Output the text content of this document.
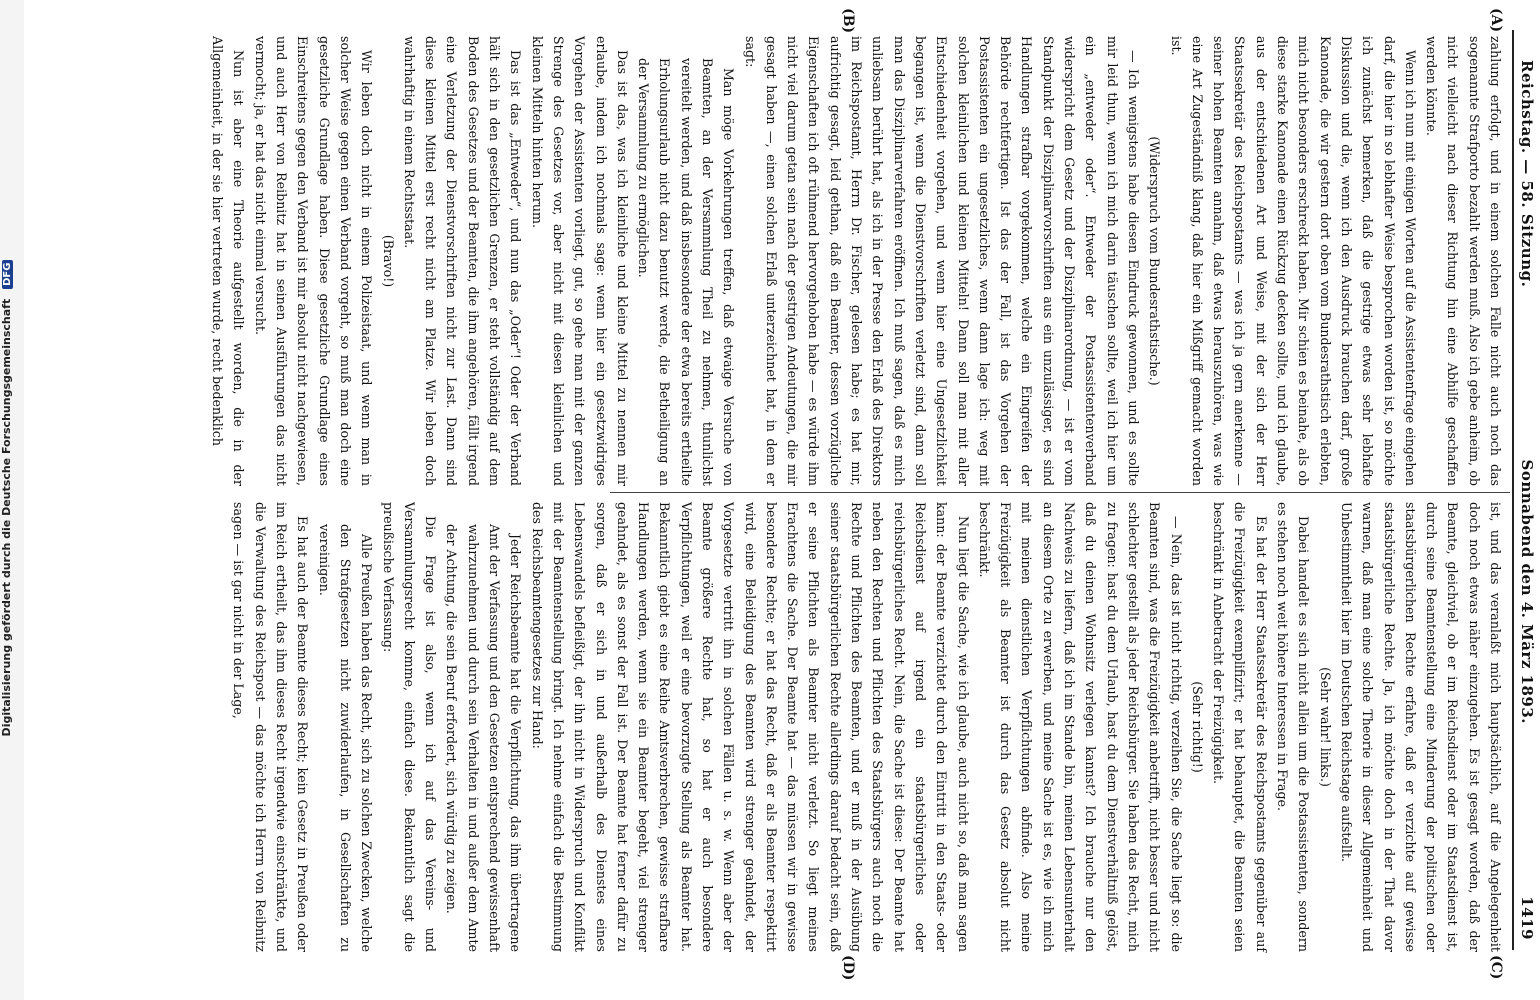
Digitalisierung gefördert durch die Deutsche Forschungsgemeinschaft DFG	Reichstag. — 58. Sitzung.
Sonnabend den 4. März 1893.
1419
(A)
(B)
(C)
(D)

zahlung erfolgt, und in einem solchen Falle nicht auch noch das sogenannte Strafporto bezahlt werden muß. Also ich gebe anheim, ob nicht vielleicht nach dieser Richtung hin eine Abhilfe geschaffen werden könnte.

Wenn ich nun mit einigen Worten auf die Assistentenfrage eingehen darf, die hier in so lebhafter Weise besprochen worden ist, so möchte ich zunächst bemerken, daß die gestrige etwas sehr lebhafte Diskussion und die, wenn ich den Ausdruck brauchen darf, große Kanonade, die wir gestern dort oben vom Bundesrathstisch erlebten, mich nicht besonders erschreckt haben. Mir schien es beinahe, als ob diese starke Kanonade einen Rückzug decken sollte, und ich glaube, aus der entschiedenen Art und Weise, mit der sich der Herr Staatssekretär des Reichspostamts — was ich ja gern anerkenne — seiner hohen Beamten annahm, daß etwas herauszuhören, was wie eine Art Zugeständniß klang, daß hier ein Mißgriff gemacht worden ist.

(Widerspruch vom Bundesrathstische.)

— Ich wenigstens habe diesen Eindruck gewonnen, und es sollte mir leid thun, wenn ich mich darin täuschen sollte, weil ich hier um ein „entweder oder“. Entweder der Postassistentenverband widerspricht dem Gesetz und der Disziplinarordnung, — ist er vom Standpunkt der Disziplinarvorschriften aus ein unzulässiger, es sind Handlungen strafbar vorgekommen, welche ein Eingreifen der Behörde rechtfertigen. Ist das der Fall, ist das Vorgehen der Postassistenten ein ungesetzliches, wenn dann lage ich: weg mit solchen kleinlichen und kleinen Mitteln! Dann soll man mit aller Entschiedenheit vorgehen, und wenn hier eine Ungesetzlichkeit begangen ist, wenn die Dienstvorschriften verletzt sind, dann soll man das Disziplinarverfahren eröffnen. Ich muß sagen, daß es mich unliebsam berührt hat, als ich in der Presse den Erlaß des Direktors im Reichspostamt, Herrn Dr. Fischer, gelesen habe; es hat mir, aufrichtig gesagt, leid gethan, daß ein Beamter, dessen vorzügliche Eigenschaften ich oft rühmend hervorgehoben habe — es würde ihm nicht viel darum getan sein nach der gestrigen Andeutungen, die mir gesagt haben —, einen solchen Erlaß unterzeichnet hat, in dem er sagt:

Man möge Vorkehrungen treffen, daß etwaige Versuche von Beamten, an der Versammlung Theil zu nehmen, thunlichst vereitelt werden, und daß insbesondere der etwa bereits ertheilte Erholungsurlaub nicht dazu benutzt werde, die Betheiligung an der Versammlung zu ermöglichen.

Das ist das, was ich kleinliche und kleine Mittel zu nennen mir erlaube, indem ich nochmals sage: wenn hier ein gesetzwidriges Vorgehen der Assistenten vorliegt, gut, so gehe man mit der ganzen Strenge des Gesetzes vor, aber nicht mit diesen kleinlichen und kleinen Mitteln hinten herum.

Das ist das „Entweder“, und nun das „Oder“! Oder der Verband hält sich in den gesetzlichen Grenzen, er steht vollständig auf dem Boden des Gesetzes und der Beamten, die ihm angehören, fällt irgend eine Verletzung der Dienstvorschriften nicht zur Last. Dann sind diese kleinen Mittel erst recht nicht am Platze. Wir leben doch wahrhaftig in einem Rechtsstaat.

(Bravo!)

Wir leben doch nicht in einem Polizeistaat, und wenn man in solcher Weise gegen einen Verband vorgeht, so muß man doch eine gesetzliche Grundlage haben. Diese gesetzliche Grundlage eines Einschreitens gegen den Verband ist mir absolut nicht nachgewiesen, und auch Herr von Reibnitz hat in seinen Ausführungen das nicht vermocht; ja, er hat das nicht einmal versucht.

Nun ist aber eine Theorie aufgestellt worden, die in der Allgemeinheit, in der sie hier vertreten wurde, recht bedenklich

ist, und das veranlaßt mich hauptsächlich, auf die Angelegenheit doch noch etwas näher einzugehen. Es ist gesagt worden, daß der Beamte, gleichviel, ob er im Reichsdienst oder im Staatsdienst ist, durch seine Beamtenstellung eine Minderung der politischen oder staatsbürgerlichen Rechte erfahre, daß er verzichte auf gewisse staatsbürgerliche Rechte. Ja, ich möchte doch in der That davor warnen, daß man eine solche Theorie in dieser Allgemeinheit und Unbestimmtheit hier im Deutschen Reichstage aufstellt.

(Sehr wahr! links.)

Dabei handelt es sich nicht allein um die Postassistenten, sondern es stehen noch weit höhere Interessen in Frage.

Es hat der Herr Staatssekretär des Reichspostamts gegenüber auf die Freizügigkeit exemplifizirt; er hat behauptet, die Beamten seien beschränkt in Anbetracht der Freizügigkeit.

(Sehr richtig!)

— Nein, das ist nicht richtig, verzeihen Sie, die Sache liegt so: die Beamten sind, was die Freizügigkeit anbetrifft, nicht besser und nicht schlechter gestellt als jeder Reichsbürger. Sie haben das Recht, mich zu fragen: hast du dem Urlaub, hast du dem Dienstverhältniß gelöst, daß du deinen Wohnsitz verlegen kannst? Ich brauche nur den Nachweis zu liefern, daß ich im Stande bin, meinen Lebensunterhalt an diesem Orte zu erwerben, und meine Sache ist es, wie ich mich mit meinen dienstlichen Verpflichtungen abfinde. Also meine Freizügigkeit als Beamter ist durch das Gesetz absolut nicht beschränkt.

Nun liegt die Sache, wie ich glaube, auch nicht so, daß man sagen kann: der Beamte verzichtet durch den Eintritt in den Staats- oder Reichsdienst auf irgend ein staatsbürgerliches oder reichsbürgerliches Recht. Nein, die Sache ist diese: Der Beamte hat neben den Rechten und Pflichten des Staatsbürgers auch noch die Rechte und Pflichten des Beamten, und er muß in der Ausübung seiner staatsbürgerlichen Rechte allerdings darauf bedacht sein, daß er seine Pflichten als Beamter nicht verletzt. So liegt meines Erachtens die Sache. Der Beamte hat — das müssen wir in gewisse besondere Rechte; er hat das Recht, daß er als Beamter respektirt wird, eine Beleidigung des Beamten wird strenger geahndet, der Vorgesetzte vertritt ihn in solchen Fällen u. s. w. Wenn aber der Beamte größere Rechte hat, so hat er auch besondere Verpflichtungen, weil er eine bevorzugte Stellung als Beamter hat. Bekanntlich giebt es eine Reihe Amtsverbrechen, gewisse strafbare Handlungen werden, wenn sie ein Beamter begeht, viel strenger geahndet, als es sonst der Fall ist. Der Beamte hat ferner dafür zu sorgen, daß er sich in und außerhalb des Dienstes eines Lebenswandels befleißigt, der ihn nicht in Widerspruch und Konflikt mit der Beamtenstellung bringt. Ich nehme einfach die Bestimmung des Reichsbeamtengesetzes zur Hand:

Jeder Reichsbeamte hat die Verpflichtung, das ihm übertragene Amt der Verfassung und den Gesetzen entsprechend gewissenhaft wahrzunehmen und durch sein Verhalten in und außer dem Amte der Achtung, die sein Beruf erfordert, sich würdig zu zeigen.

Die Frage ist also, wenn ich auf das Vereins- und Versammlungsrecht komme, einfach diese. Bekanntlich sagt die preußische Verfassung:

Alle Preußen haben das Recht, sich zu solchen Zwecken, welche den Strafgesetzen nicht zuwiderlaufen, in Gesellschaften zu vereinigen.

Es hat auch der Beamte dieses Recht; kein Gesetz in Preußen oder im Reich ertheilt, das ihm dieses Recht irgendwie einschränkte, und die Verwaltung des Reichspost — das möchte ich Herrn von Reibnitz sagen — ist gar nicht in der Lage,
